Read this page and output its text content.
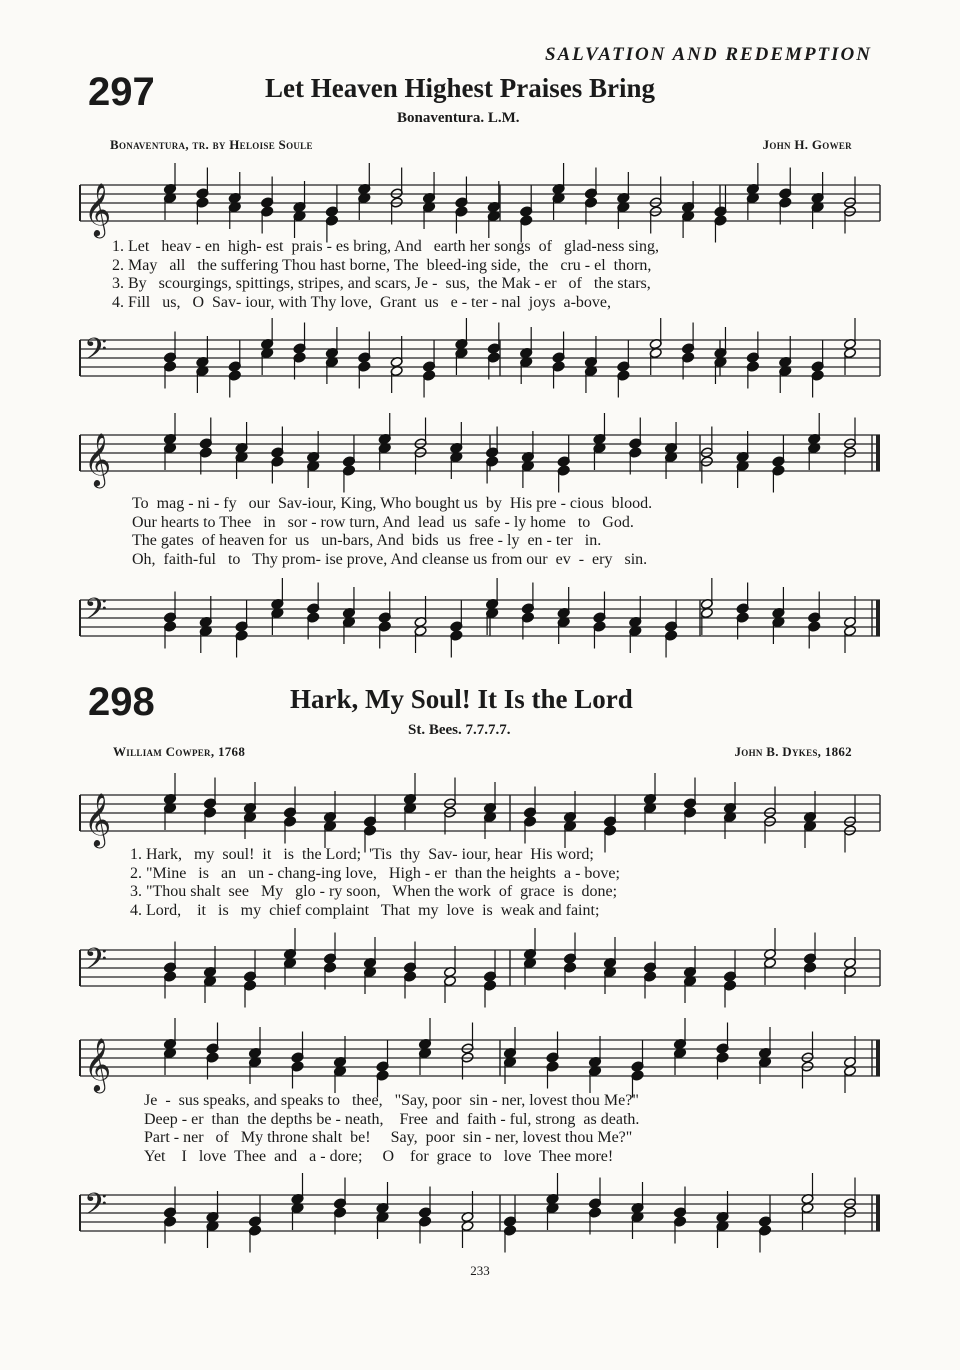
SALVATION AND REDEMPTION
297	Let Heaven Highest Praises Bring
Bonaventura. L.M.
Bonaventura, tr. by Heloise Soule	John H. Gower
𝄞
1. Let   heav - en  high- est  prais - es bring, And   earth her songs  of   glad-ness sing,
2. May   all   the suffering Thou hast borne, The  bleed-ing side,  the   cru - el  thorn,
3. By   scourgings, spittings, stripes, and scars, Je -  sus,  the Mak - er   of   the stars,
4. Fill   us,   O  Sav- iour, with Thy love,  Grant  us   e - ter - nal  joys  a-bove,
𝄢
𝄞
To  mag - ni - fy   our  Sav-iour, King, Who bought us  by  His pre - cious  blood.
Our hearts to Thee   in   sor - row turn, And  lead  us  safe - ly home   to   God.
The gates  of heaven for  us   un-bars, And  bids  us  free - ly  en - ter   in.
Oh,  faith-ful   to   Thy prom- ise prove, And cleanse us from our  ev  -  ery   sin.
𝄢
298	Hark, My Soul! It Is the Lord
St. Bees. 7.7.7.7.
William Cowper, 1768	John B. Dykes, 1862
𝄞
1. Hark,   my  soul!  it   is  the Lord;  'Tis  thy  Sav- iour, hear  His word;
2. "Mine   is   an   un - chang-ing love,   High - er  than the heights  a - bove;
3. "Thou shalt  see   My   glo - ry soon,   When the work  of  grace  is  done;
4. Lord,    it   is   my  chief complaint   That  my  love  is  weak and faint;
𝄢
𝄞
Je  -  sus speaks, and speaks to   thee,   "Say, poor  sin - ner, lovest thou Me?"
Deep - er  than  the depths be - neath,    Free  and  faith - ful, strong  as death.
Part - ner   of   My throne shalt  be!     Say,  poor  sin - ner, lovest thou Me?"
Yet    I   love  Thee  and   a - dore;     O    for  grace  to   love  Thee more!
𝄢
233
